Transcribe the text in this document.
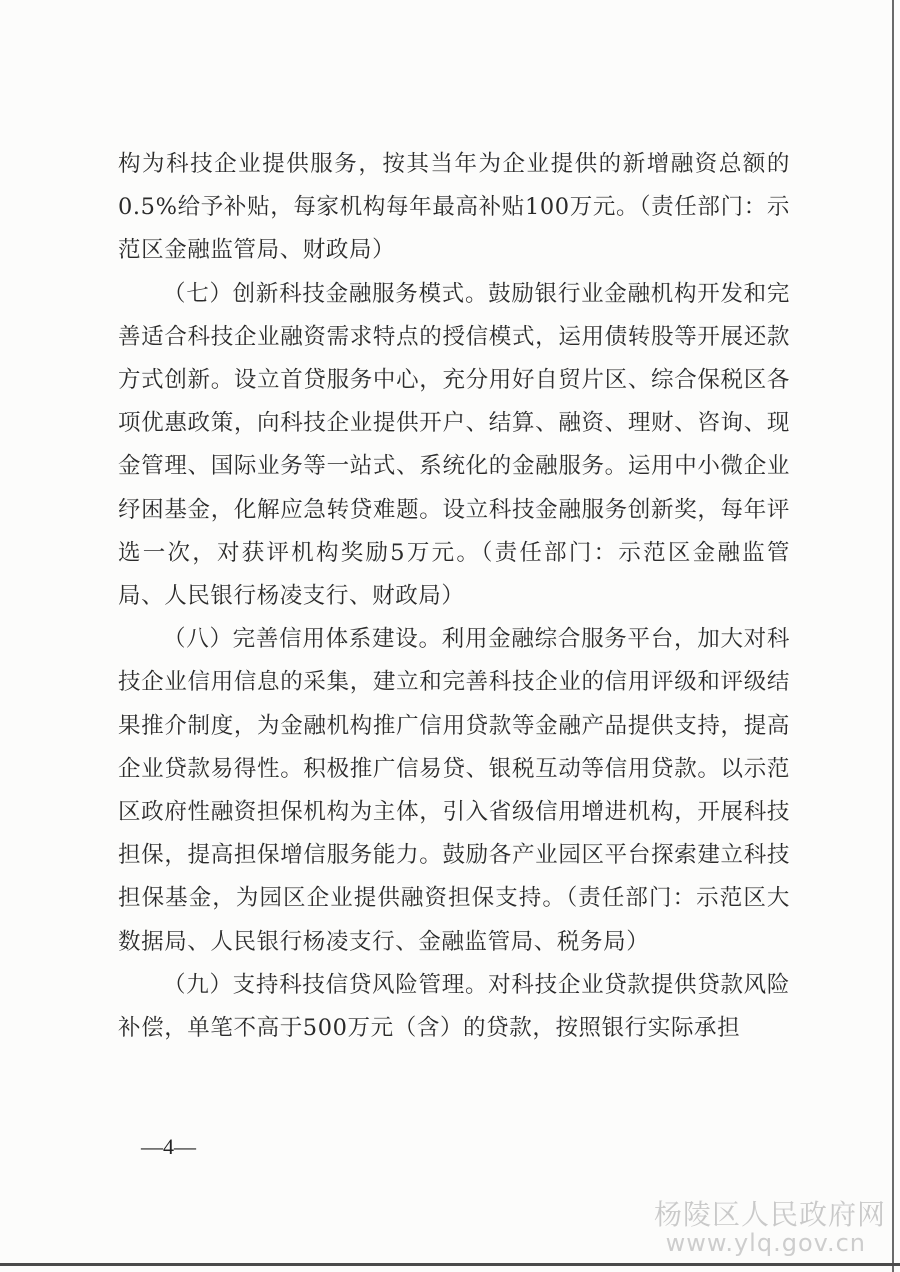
构为科技企业提供服务，按其当年为企业提供的新增融资总额的0.5%给予补贴，每家机构每年最高补贴100万元。（责任部门：示范区金融监管局、财政局）

（七）创新科技金融服务模式。鼓励银行业金融机构开发和完善适合科技企业融资需求特点的授信模式，运用债转股等开展还款方式创新。设立首贷服务中心，充分用好自贸片区、综合保税区各项优惠政策，向科技企业提供开户、结算、融资、理财、咨询、现金管理、国际业务等一站式、系统化的金融服务。运用中小微企业纾困基金，化解应急转贷难题。设立科技金融服务创新奖，每年评选一次，对获评机构奖励5万元。（责任部门：示范区金融监管局、人民银行杨凌支行、财政局）

（八）完善信用体系建设。利用金融综合服务平台，加大对科技企业信用信息的采集，建立和完善科技企业的信用评级和评级结果推介制度，为金融机构推广信用贷款等金融产品提供支持，提高企业贷款易得性。积极推广信易贷、银税互动等信用贷款。以示范区政府性融资担保机构为主体，引入省级信用增进机构，开展科技担保，提高担保增信服务能力。鼓励各产业园区平台探索建立科技担保基金，为园区企业提供融资担保支持。（责任部门：示范区大数据局、人民银行杨凌支行、金融监管局、税务局）

（九）支持科技信贷风险管理。对科技企业贷款提供贷款风险补偿，单笔不高于500万元（含）的贷款，按照银行实际承担

—4—
杨陵区人民政府网
www.ylq.gov.cn
